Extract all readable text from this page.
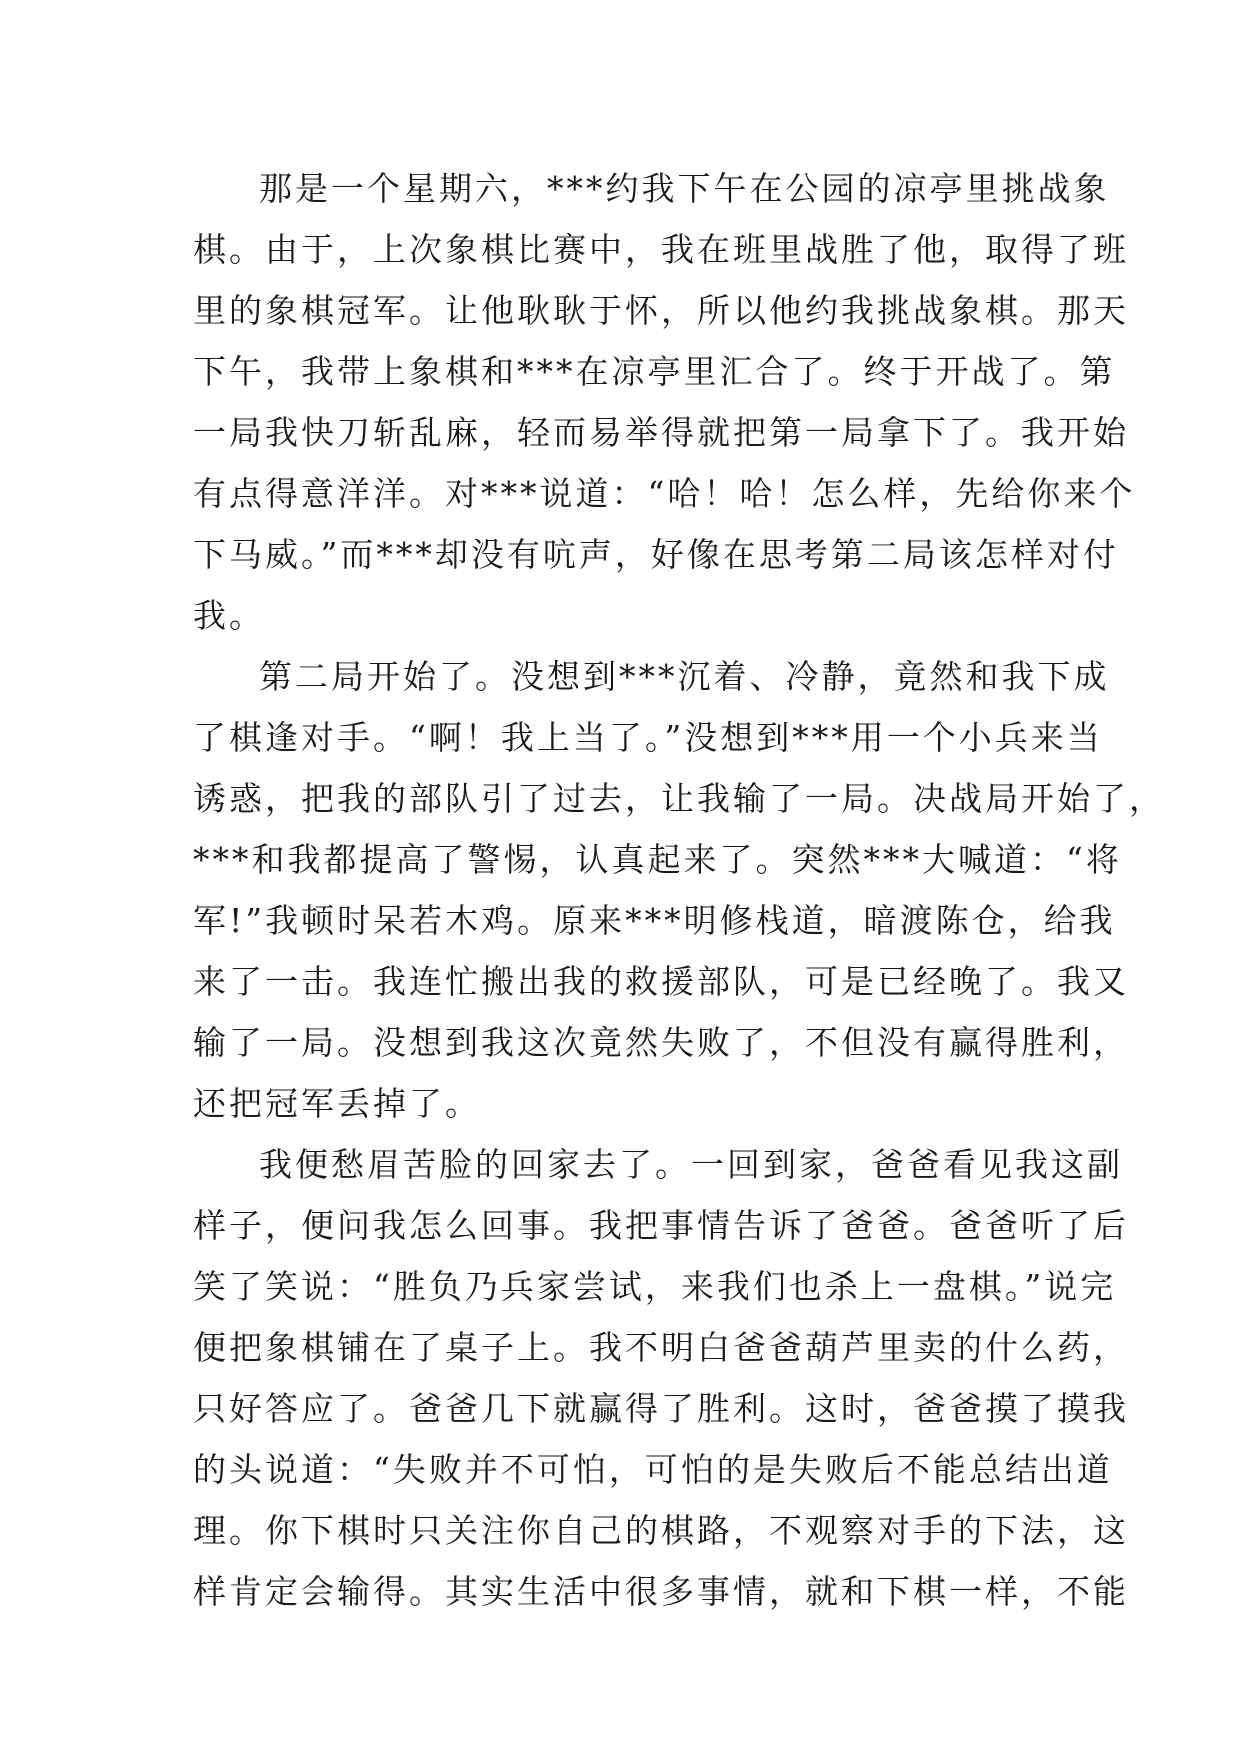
那是一个星期六，***约我下午在公园的凉亭里挑战象
棋。由于，上次象棋比赛中，我在班里战胜了他，取得了班
里的象棋冠军。让他耿耿于怀，所以他约我挑战象棋。那天
下午，我带上象棋和***在凉亭里汇合了。终于开战了。第
一局我快刀斩乱麻，轻而易举得就把第一局拿下了。我开始
有点得意洋洋。对***说道：“哈！哈！怎么样，先给你来个
下马威。”而***却没有吭声，好像在思考第二局该怎样对付
我。
第二局开始了。没想到***沉着、冷静，竟然和我下成
了棋逢对手。“啊！我上当了。”没想到***用一个小兵来当
诱惑，把我的部队引了过去，让我输了一局。决战局开始了，
***和我都提高了警惕，认真起来了。突然***大喊道：“将
军!”我顿时呆若木鸡。原来***明修栈道，暗渡陈仓，给我
来了一击。我连忙搬出我的救援部队，可是已经晚了。我又
输了一局。没想到我这次竟然失败了，不但没有赢得胜利，
还把冠军丢掉了。
我便愁眉苦脸的回家去了。一回到家，爸爸看见我这副
样子，便问我怎么回事。我把事情告诉了爸爸。爸爸听了后
笑了笑说：“胜负乃兵家尝试，来我们也杀上一盘棋。”说完
便把象棋铺在了桌子上。我不明白爸爸葫芦里卖的什么药，
只好答应了。爸爸几下就赢得了胜利。这时，爸爸摸了摸我
的头说道：“失败并不可怕，可怕的是失败后不能总结出道
理。你下棋时只关注你自己的棋路，不观察对手的下法，这
样肯定会输得。其实生活中很多事情，就和下棋一样，不能
